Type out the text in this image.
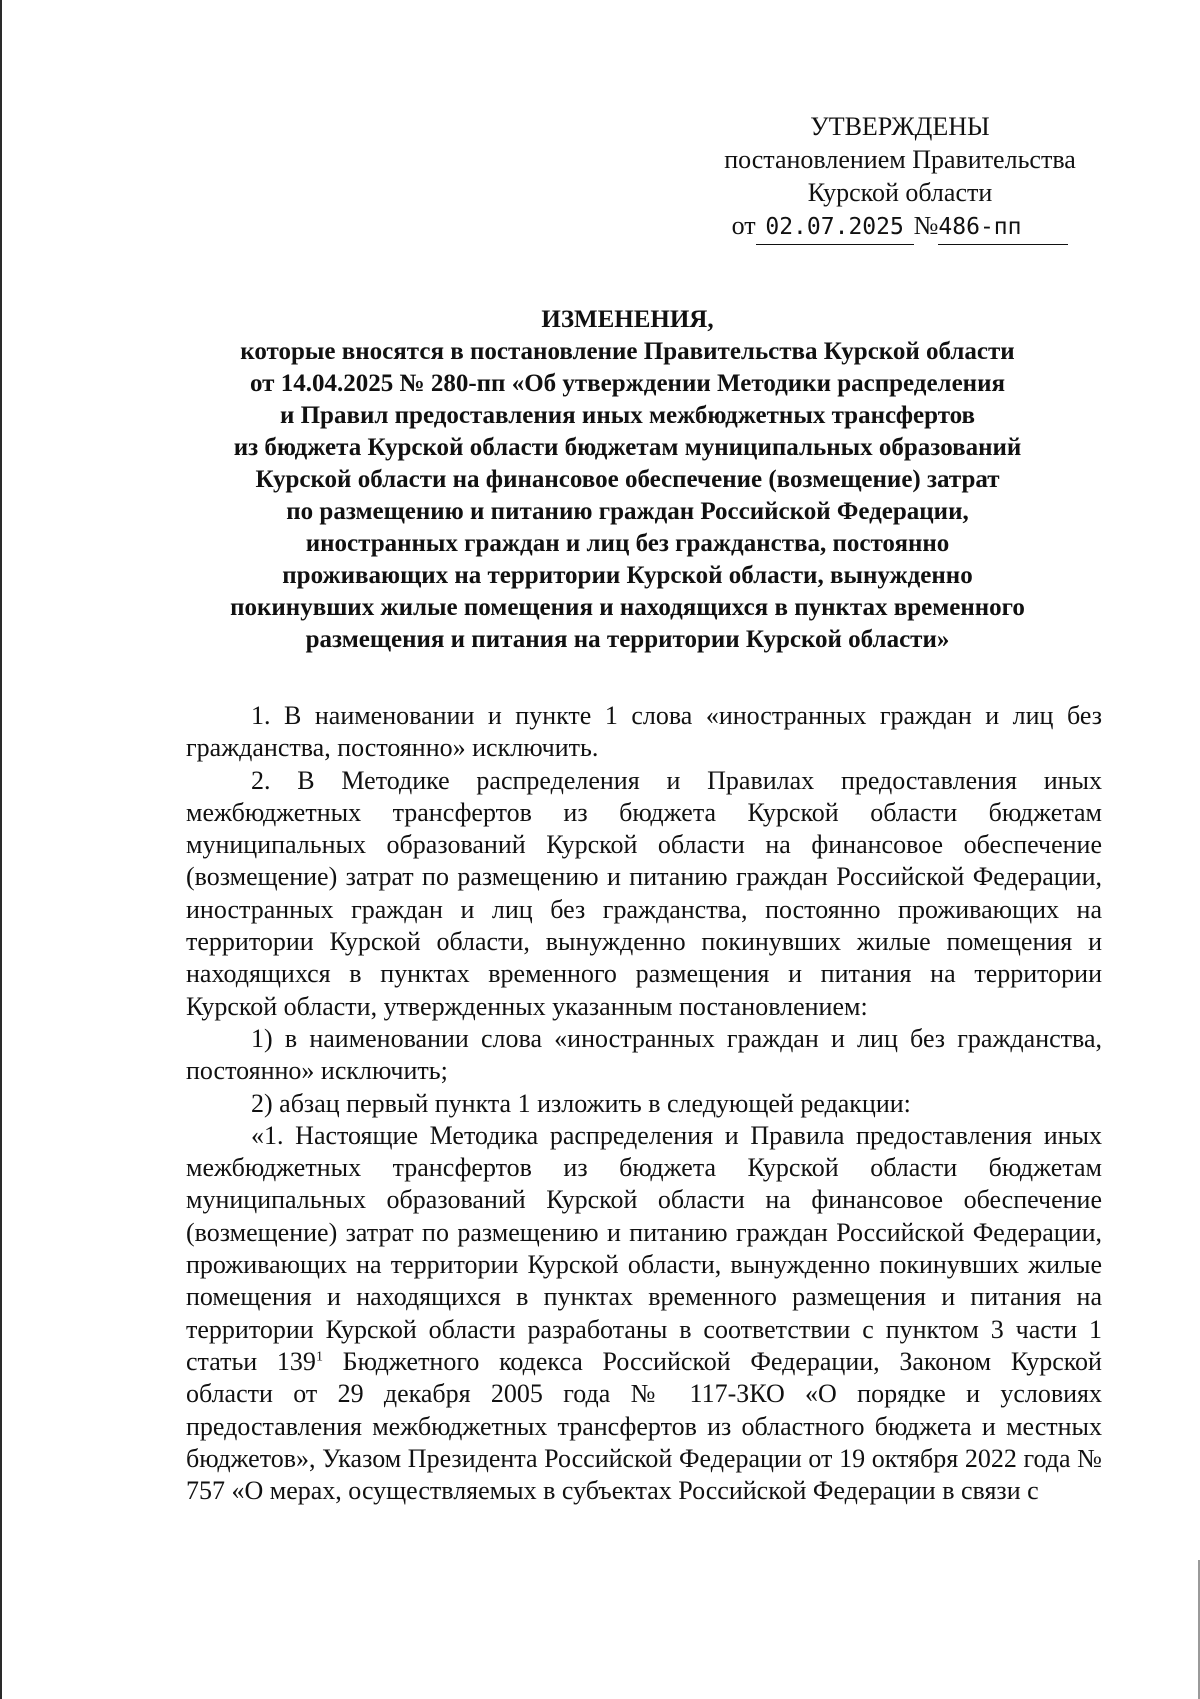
УТВЕРЖДЕНЫ
постановлением Правительства
Курской области
от 02.07.2025 №486-пп
ИЗМЕНЕНИЯ,
которые вносятся в постановление Правительства Курской области
от 14.04.2025 № 280-пп «Об утверждении Методики распределения
и Правил предоставления иных межбюджетных трансфертов
из бюджета Курской области бюджетам муниципальных образований
Курской области на финансовое обеспечение (возмещение) затрат
по размещению и питанию граждан Российской Федерации,
иностранных граждан и лиц без гражданства, постоянно
проживающих на территории Курской области, вынужденно
покинувших жилые помещения и находящихся в пунктах временного
размещения и питания на территории Курской области»

1. В наименовании и пункте 1 слова «иностранных граждан и лиц без гражданства, постоянно» исключить.

2. В Методике распределения и Правилах предоставления иных межбюджетных трансфертов из бюджета Курской области бюджетам муниципальных образований Курской области на финансовое обеспечение (возмещение) затрат по размещению и питанию граждан Российской Федерации, иностранных граждан и лиц без гражданства, постоянно проживающих на территории Курской области, вынужденно покинувших жилые помещения и находящихся в пунктах временного размещения и питания на территории Курской области, утвержденных указанным постановлением:

1) в наименовании слова «иностранных граждан и лиц без гражданства, постоянно» исключить;

2) абзац первый пункта 1 изложить в следующей редакции:

«1. Настоящие Методика распределения и Правила предоставления иных межбюджетных трансфертов из бюджета Курской области бюджетам муниципальных образований Курской области на финансовое обеспечение (возмещение) затрат по размещению и питанию граждан Российской Федерации, проживающих на территории Курской области, вынужденно покинувших жилые помещения и находящихся в пунктах временного размещения и питания на территории Курской области разработаны в соответствии с пунктом 3 части 1 статьи $139^1$ Бюджетного кодекса Российской Федерации, Законом Курской области от 29 декабря 2005 года № 117-ЗКО «О порядке и условиях предоставления межбюджетных трансфертов из областного бюджета и местных бюджетов», Указом Президента Российской Федерации от 19 октября 2022 года № 757 «О мерах, осуществляемых в субъектах Российской Федерации в связи с
